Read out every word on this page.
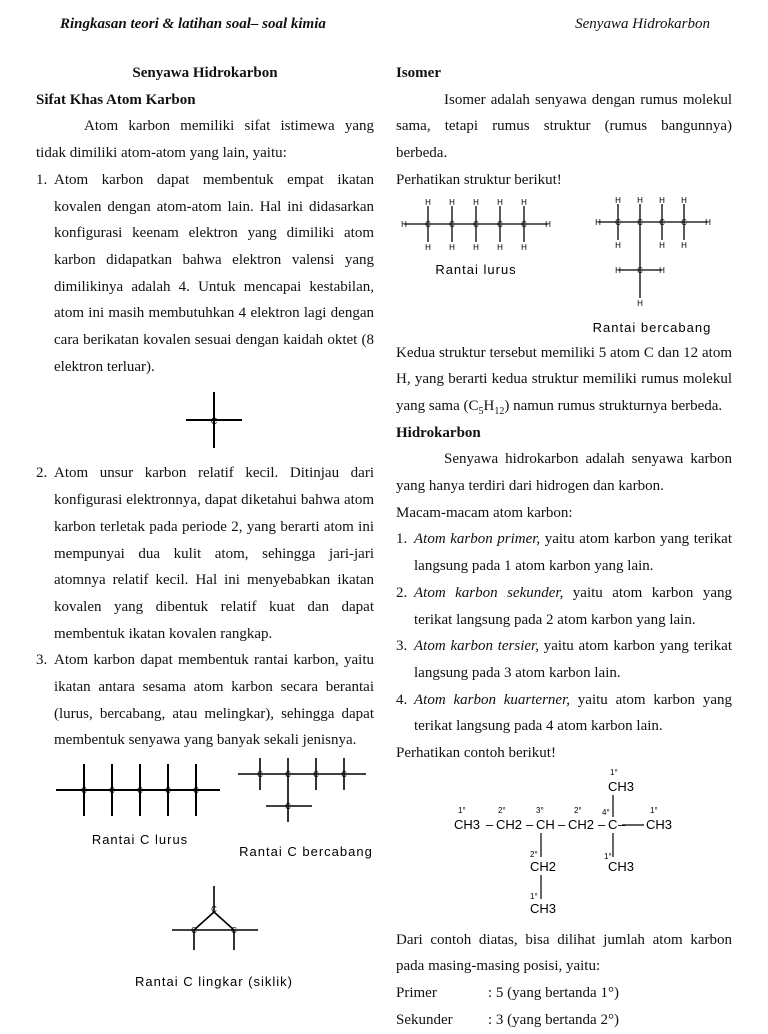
Ringkasan teori & latihan soal– soal kimia	Senyawa Hidrokarbon
Senyawa Hidrokarbon
Sifat Khas Atom Karbon
Atom karbon memiliki sifat istimewa yang tidak dimiliki atom-atom yang lain, yaitu:
1. Atom karbon dapat membentuk empat ikatan kovalen dengan atom-atom lain. Hal ini didasarkan konfigurasi keenam elektron yang dimiliki atom karbon didapatkan bahwa elektron valensi yang dimilikinya adalah 4. Untuk mencapai kestabilan, atom ini masih membutuhkan 4 elektron lagi dengan cara berikatan kovalen sesuai dengan kaidah oktet (8 elektron terluar).
C
2. Atom unsur karbon relatif kecil. Ditinjau dari konfigurasi elektronnya, dapat diketahui bahwa atom karbon terletak pada periode 2, yang berarti atom ini mempunyai dua kulit atom, sehingga jari-jari atomnya relatif kecil. Hal ini menyebabkan ikatan kovalen yang dibentuk relatif kuat dan dapat membentuk ikatan kovalen rangkap.
3. Atom karbon dapat membentuk rantai karbon, yaitu ikatan antara sesama atom karbon secara berantai (lurus, bercabang, atau melingkar), sehingga dapat membentuk senyawa yang banyak sekali jenisnya.
C	C	C	C	C
Rantai C lurus
C	C	C	C
C
Rantai C bercabang
C
C	C
Rantai C lingkar (siklik)
Isomer
Isomer adalah senyawa dengan rumus molekul sama, tetapi rumus struktur (rumus bangunnya) berbeda.
Perhatikan struktur berikut!
C C C C C
H	H
H H H H H
H H H H H
Rantai lurus
C C C C
C
H	H
H H H H
H	H H
H	H
H
Rantai bercabang
Kedua struktur tersebut memiliki 5 atom C dan 12 atom H, yang berarti kedua struktur memiliki rumus molekul yang sama $(C_5H_{12})$ namun rumus strukturnya berbeda.
Hidrokarbon
Senyawa hidrokarbon adalah senyawa karbon yang hanya terdiri dari hidrogen dan karbon.
Macam-macam atom karbon:
1. Atom karbon primer, yaitu atom karbon yang terikat langsung pada 1 atom karbon yang lain.
2. Atom karbon sekunder, yaitu atom karbon yang terikat langsung pada 2 atom karbon yang lain.
3. Atom karbon tersier, yaitu atom karbon yang terikat langsung pada 3 atom karbon lain.
4. Atom karbon kuarterner, yaitu atom karbon yang terikat langsung pada 4 atom karbon lain.
Perhatikan contoh berikut!
CH3 – CH2 – CH – CH2 – C – CH3
CH3
CH2
CH3
CH3
1°	2°	3°	2°	4°	1°
1°
2°
1°
1°
Dari contoh diatas, bisa dilihat jumlah atom karbon pada masing-masing posisi, yaitu:
Primer	: 5 (yang bertanda 1°)
Sekunder	: 3 (yang bertanda 2°)
